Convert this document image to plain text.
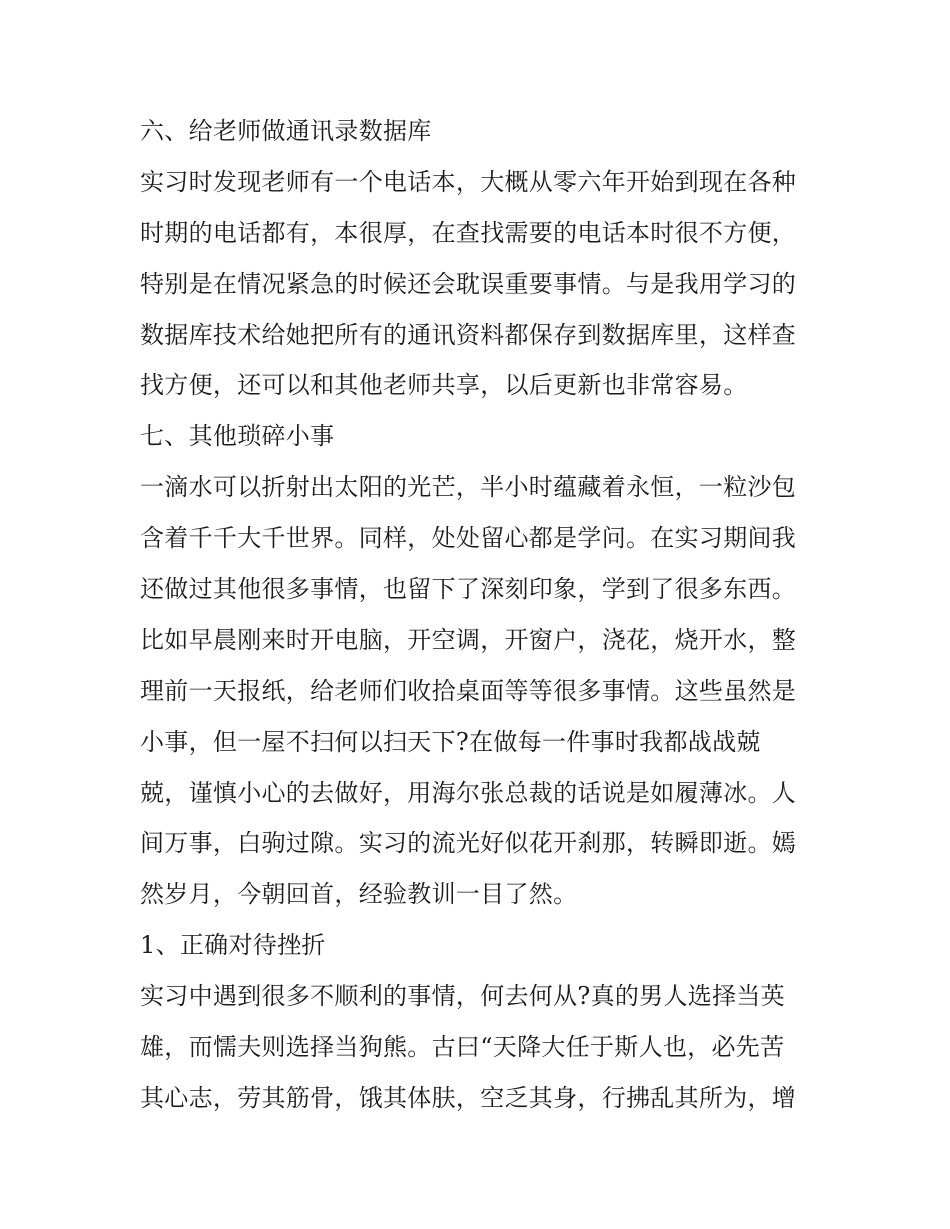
六、给老师做通讯录数据库
实习时发现老师有一个电话本，大概从零六年开始到现在各种
时期的电话都有，本很厚，在查找需要的电话本时很不方便，
特别是在情况紧急的时候还会耽误重要事情。与是我用学习的
数据库技术给她把所有的通讯资料都保存到数据库里，这样查
找方便，还可以和其他老师共享，以后更新也非常容易。
七、其他琐碎小事
一滴水可以折射出太阳的光芒，半小时蕴藏着永恒，一粒沙包
含着千千大千世界。同样，处处留心都是学问。在实习期间我
还做过其他很多事情，也留下了深刻印象，学到了很多东西。
比如早晨刚来时开电脑，开空调，开窗户，浇花，烧开水，整
理前一天报纸，给老师们收拾桌面等等很多事情。这些虽然是
小事，但一屋不扫何以扫天下?在做每一件事时我都战战兢
兢，谨慎小心的去做好，用海尔张总裁的话说是如履薄冰。人
间万事，白驹过隙。实习的流光好似花开刹那，转瞬即逝。嫣
然岁月，今朝回首，经验教训一目了然。
1、正确对待挫折
实习中遇到很多不顺利的事情，何去何从?真的男人选择当英
雄，而懦夫则选择当狗熊。古曰“天降大任于斯人也，必先苦
其心志，劳其筋骨，饿其体肤，空乏其身，行拂乱其所为，增
